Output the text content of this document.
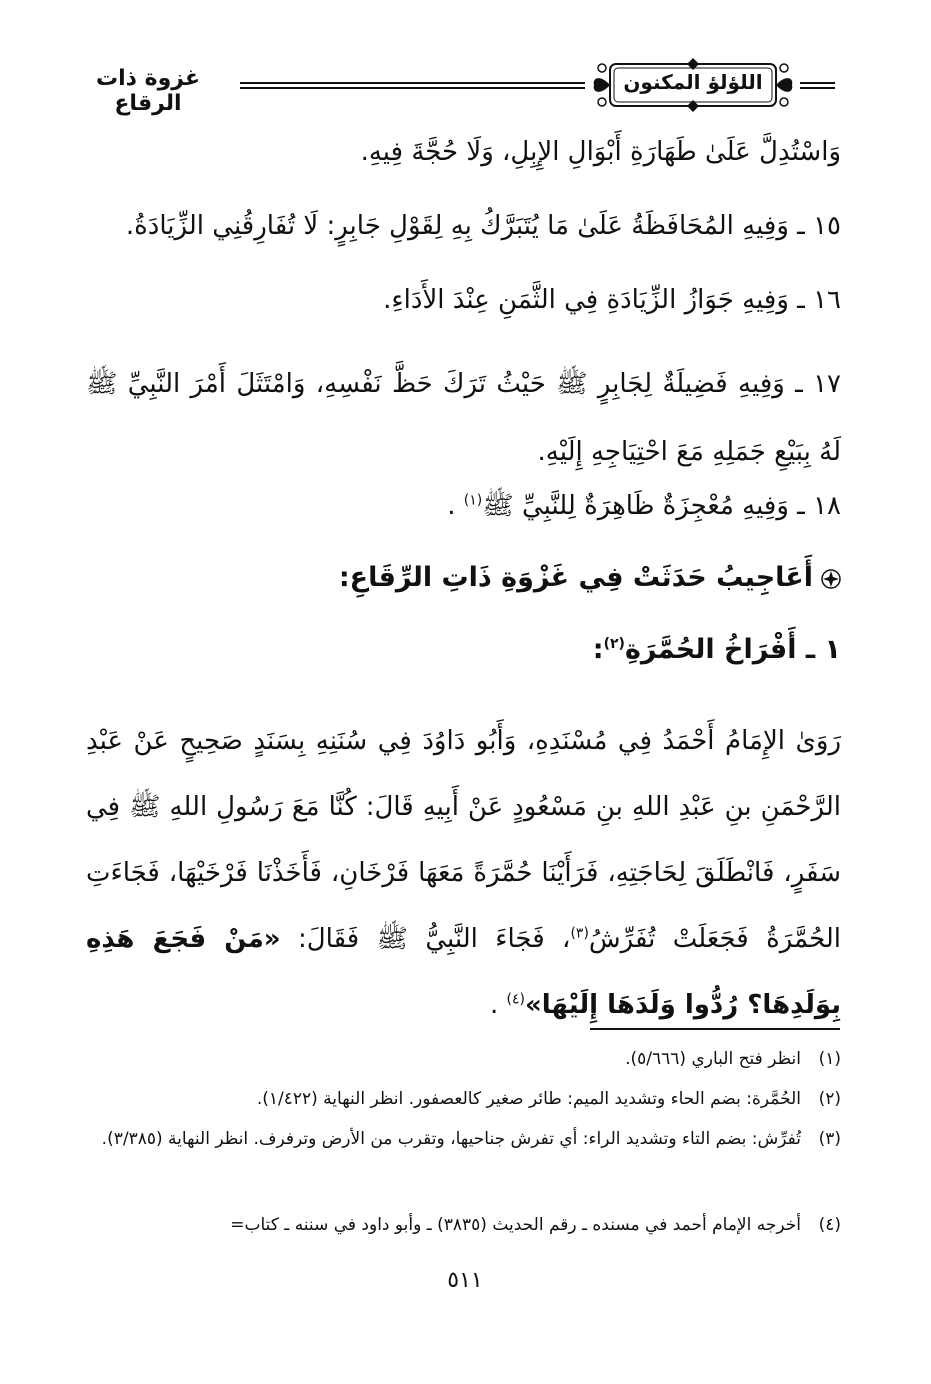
غزوة ذات الرقاع
اللؤلؤ المكنون
وَاسْتُدِلَّ عَلَىٰ طَهَارَةِ أَبْوَالِ الإِبِلِ، وَلَا حُجَّةَ فِيهِ.
١٥ ـ وَفِيهِ المُحَافَظَةُ عَلَىٰ مَا يُتَبَرَّكُ بِهِ لِقَوْلِ جَابِرٍ: لَا تُفَارِقُنِي الزِّيَادَةُ.
١٦ ـ وَفِيهِ جَوَازُ الزِّيَادَةِ فِي الثَّمَنِ عِنْدَ الأَدَاءِ.
١٧ ـ وَفِيهِ فَضِيلَةٌ لِجَابِرٍ ﷺ حَيْثُ تَرَكَ حَظَّ نَفْسِهِ، وَامْتَثَلَ أَمْرَ النَّبِيِّ ﷺ لَهُ بِبَيْعِ جَمَلِهِ مَعَ احْتِيَاجِهِ إِلَيْهِ.
١٨ ـ وَفِيهِ مُعْجِزَةٌ ظَاهِرَةٌ لِلنَّبِيِّ ﷺ$^{(١)}$ .
أَعَاجِيبُ حَدَثَتْ فِي غَزْوَةِ ذَاتِ الرِّقَاعِ:
١ ـ أَفْرَاخُ الحُمَّرَةِ$^{(٢)}$:
رَوَىٰ الإِمَامُ أَحْمَدُ فِي مُسْنَدِهِ، وَأَبُو دَاوُدَ فِي سُنَنِهِ بِسَنَدٍ صَحِيحٍ عَنْ عَبْدِ الرَّحْمَنِ بنِ عَبْدِ اللهِ بنِ مَسْعُودٍ عَنْ أَبِيهِ قَالَ: كُنَّا مَعَ رَسُولِ اللهِ ﷺ فِي سَفَرٍ، فَانْطَلَقَ لِحَاجَتِهِ، فَرَأَيْنَا حُمَّرَةً مَعَهَا فَرْخَانِ، فَأَخَذْنَا فَرْخَيْهَا، فَجَاءَتِ الحُمَّرَةُ فَجَعَلَتْ تُفَرِّشُ$^{(٣)}$، فَجَاءَ النَّبِيُّ ﷺ فَقَالَ: «مَنْ فَجَعَ هَذِهِ بِوَلَدِهَا؟ رُدُّوا وَلَدَهَا إِلَيْهَا»$^{(٤)}$ .
(١)انظر فتح الباري (٥/٦٦٦).
(٢)الحُمَّرة: بضم الحاء وتشديد الميم: طائر صغير كالعصفور. انظر النهاية (١/٤٢٢).
(٣)تُفرِّش: بضم التاء وتشديد الراء: أي تفرش جناحيها، وتقرب من الأرض وترفرف. انظر النهاية (٣/٣٨٥).
(٤)أخرجه الإمام أحمد في مسنده ـ رقم الحديث (٣٨٣٥) ـ وأبو داود في سننه ـ كتاب=
٥١١
